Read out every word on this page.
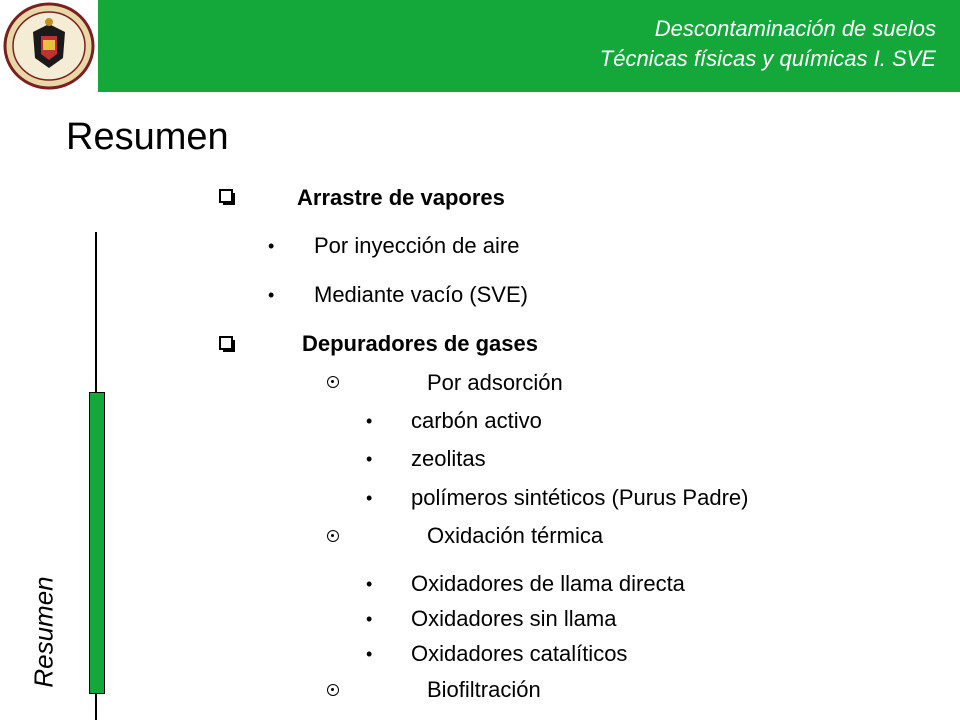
Descontaminación de suelos
Técnicas físicas y químicas I. SVE
Resumen
Resumen
Arrastre de vapores
• Por inyección de aire
• Mediante vacío (SVE)
Depuradores de gases
Por adsorción
• carbón activo
• zeolitas
• polímeros sintéticos (Purus Padre)
Oxidación térmica
• Oxidadores de llama directa
• Oxidadores sin llama
• Oxidadores catalíticos
Biofiltración
